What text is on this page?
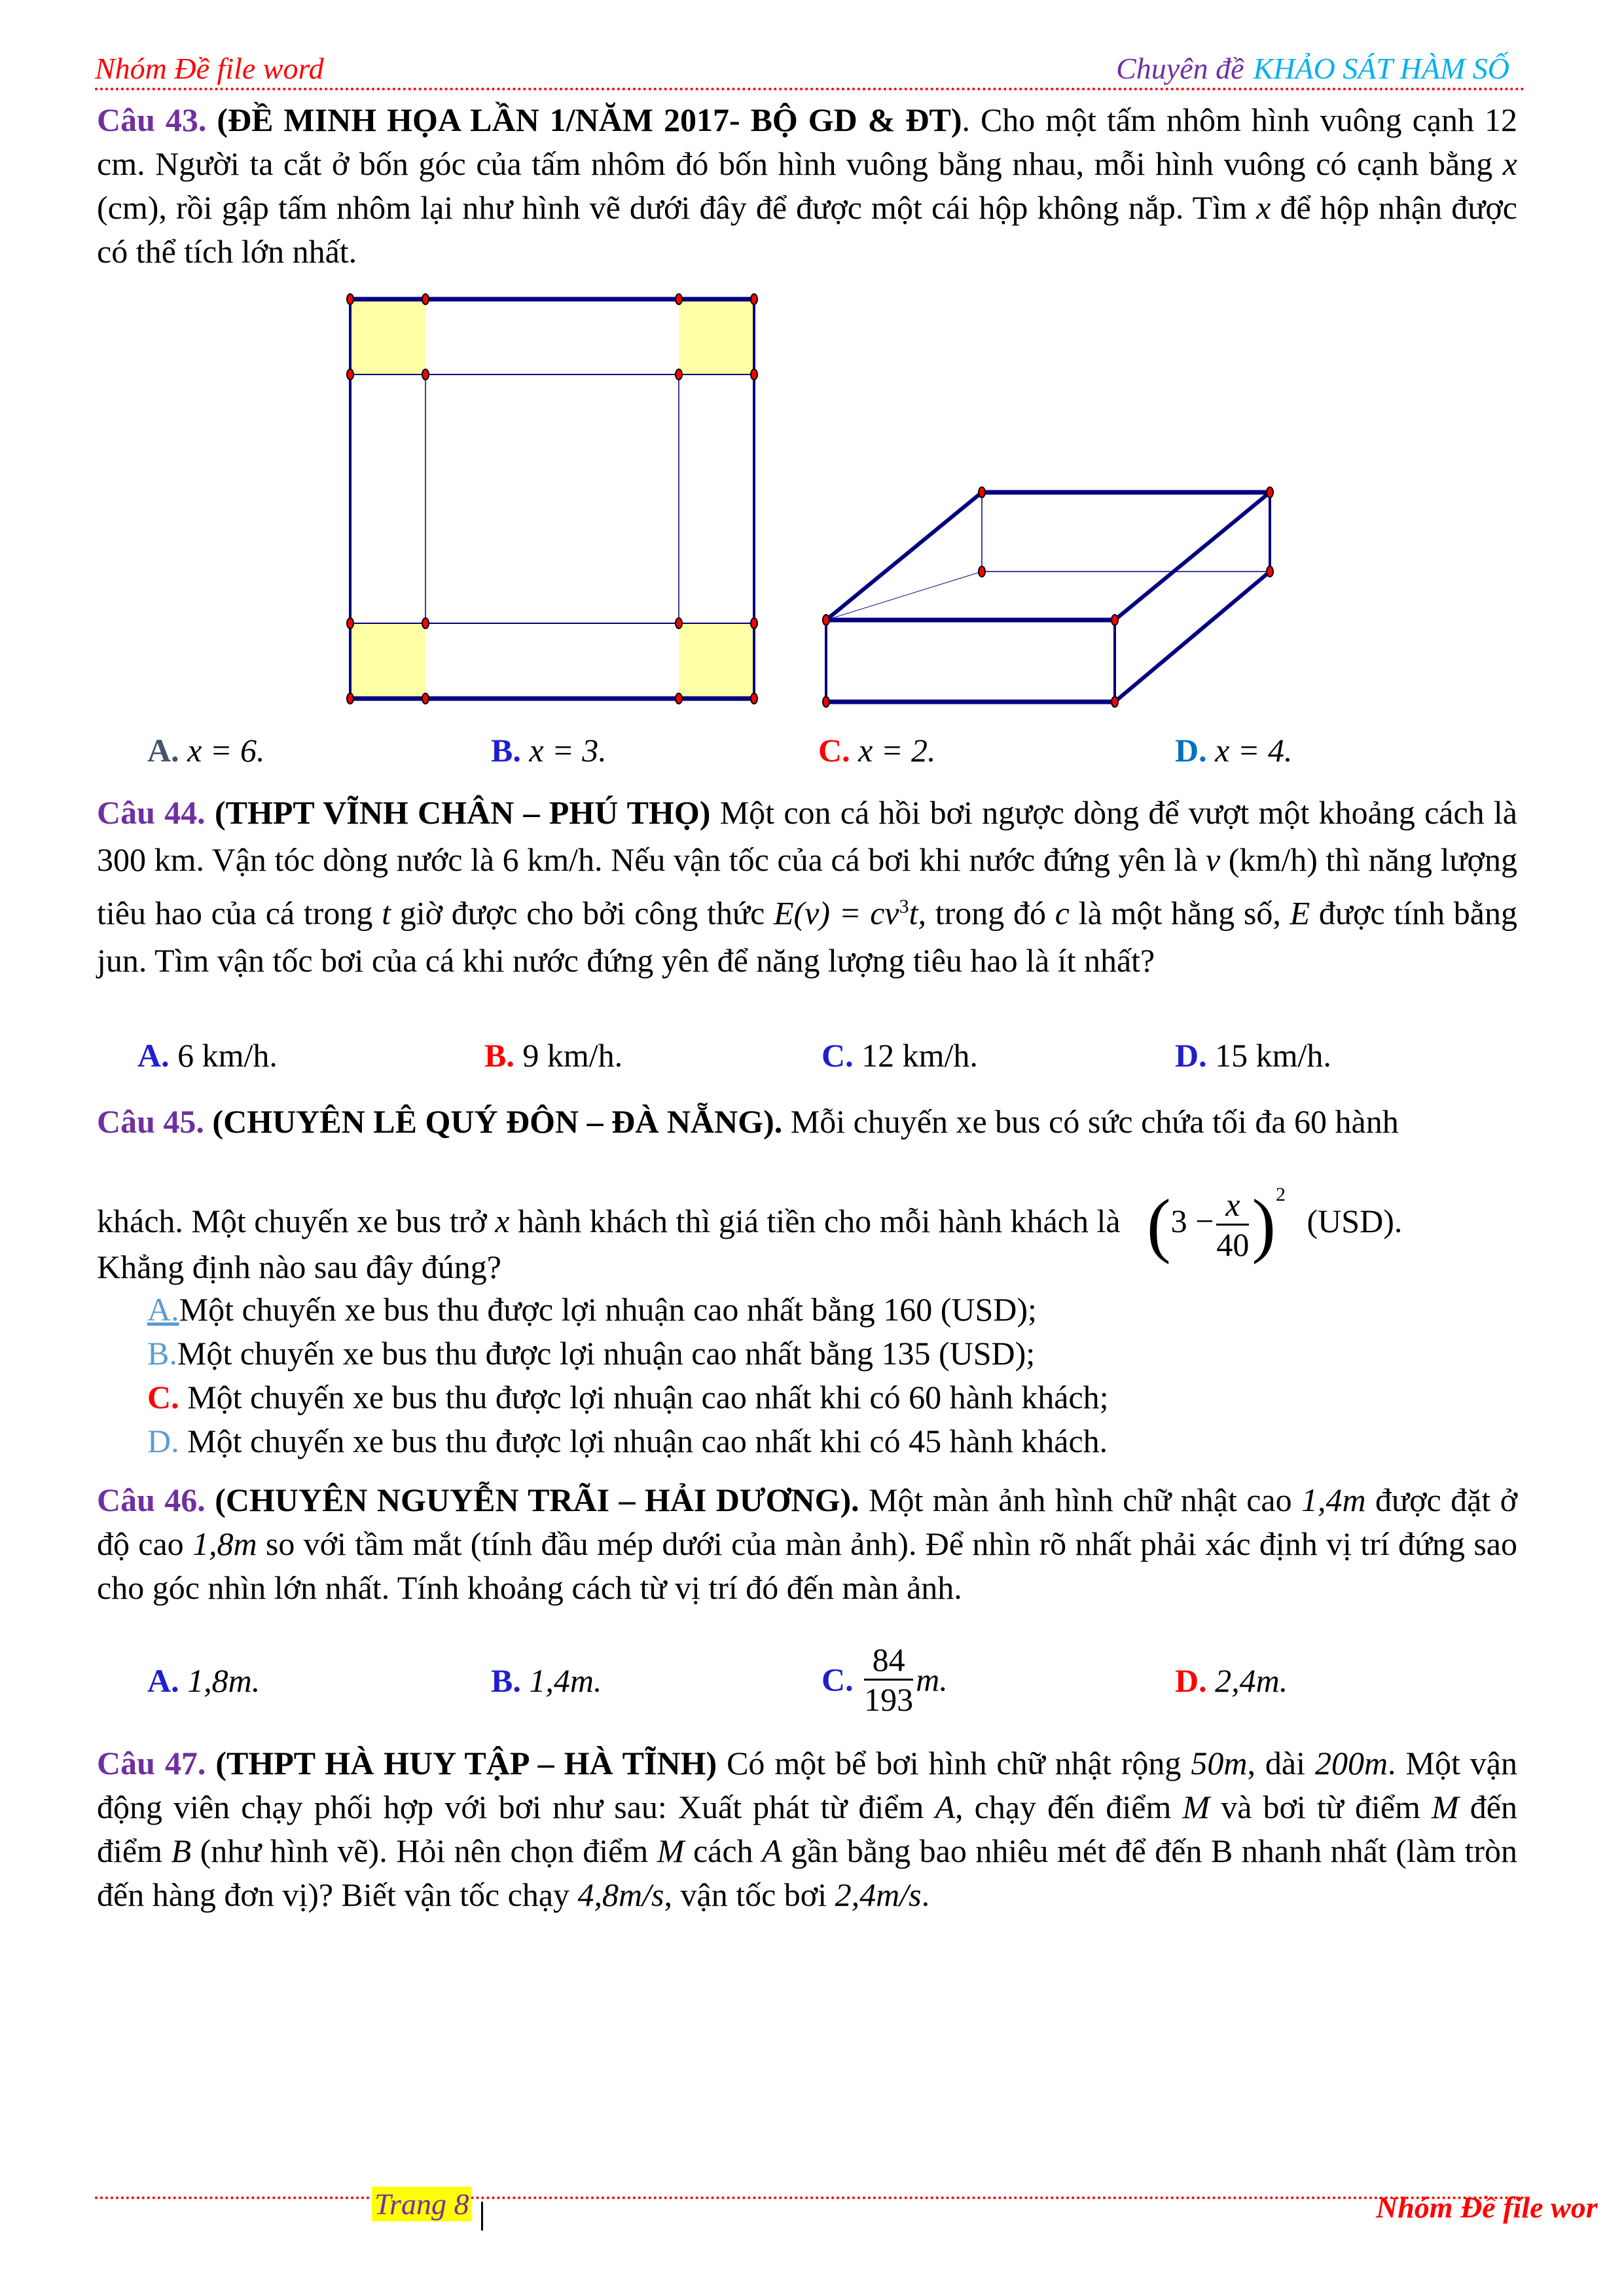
Nhóm Đề file word	Chuyên đề KHẢO SÁT HÀM SỐ
Câu 43. (ĐỀ MINH HỌA LẦN 1/NĂM 2017- BỘ GD & ĐT). Cho một tấm nhôm hình vuông cạnh 12 cm. Người ta cắt ở bốn góc của tấm nhôm đó bốn hình vuông bằng nhau, mỗi hình vuông có cạnh bằng x (cm), rồi gập tấm nhôm lại như hình vẽ dưới đây để được một cái hộp không nắp. Tìm x để hộp nhận được có thể tích lớn nhất.
A. x = 6.	B. x = 3.	C. x = 2.	D. x = 4.
Câu 44. (THPT VĨNH CHÂN – PHÚ THỌ) Một con cá hồi bơi ngược dòng để vượt một khoảng cách là 300 km. Vận tóc dòng nước là 6 km/h. Nếu vận tốc của cá bơi khi nước đứng yên là v (km/h) thì năng lượng tiêu hao của cá trong t giờ được cho bởi công thức $E(v) = cv^3t$, trong đó c là một hằng số, E được tính bằng jun. Tìm vận tốc bơi của cá khi nước đứng yên để năng lượng tiêu hao là ít nhất?
A. 6 km/h.	B. 9 km/h.	C. 12 km/h.	D. 15 km/h.
Câu 45. (CHUYÊN LÊ QUÝ ĐÔN – ĐÀ NẴNG). Mỗi chuyến xe bus có sức chứa tối đa 60 hành
khách. Một chuyến xe bus trở x hành khách thì giá tiền cho mỗi hành khách là $(3 - \frac{x}{40} )^2$ (USD).
Khẳng định nào sau đây đúng?
A.Một chuyến xe bus thu được lợi nhuận cao nhất bằng 160 (USD);
B.Một chuyến xe bus thu được lợi nhuận cao nhất bằng 135 (USD);
C. Một chuyến xe bus thu được lợi nhuận cao nhất khi có 60 hành khách;
D. Một chuyến xe bus thu được lợi nhuận cao nhất khi có 45 hành khách.
Câu 46. (CHUYÊN NGUYỄN TRÃI – HẢI DƯƠNG). Một màn ảnh hình chữ nhật cao 1,4m được đặt ở độ cao 1,8m so với tầm mắt (tính đầu mép dưới của màn ảnh). Để nhìn rõ nhất phải xác định vị trí đứng sao cho góc nhìn lớn nhất. Tính khoảng cách từ vị trí đó đến màn ảnh.
A. 1,8m.	B. 1,4m.	C. $\frac{84}{193} m$.	D. 2,4m.
Câu 47. (THPT HÀ HUY TẬP – HÀ TĨNH) Có một bể bơi hình chữ nhật rộng 50m, dài 200m. Một vận động viên chạy phối hợp với bơi như sau: Xuất phát từ điểm A, chạy đến điểm M và bơi từ điểm M đến điểm B (như hình vẽ). Hỏi nên chọn điểm M cách A gần bằng bao nhiêu mét để đến B nhanh nhất (làm tròn đến hàng đơn vị)? Biết vận tốc chạy 4,8m/s, vận tốc bơi 2,4m/s.
Trang 8	Nhóm Đề file wor
